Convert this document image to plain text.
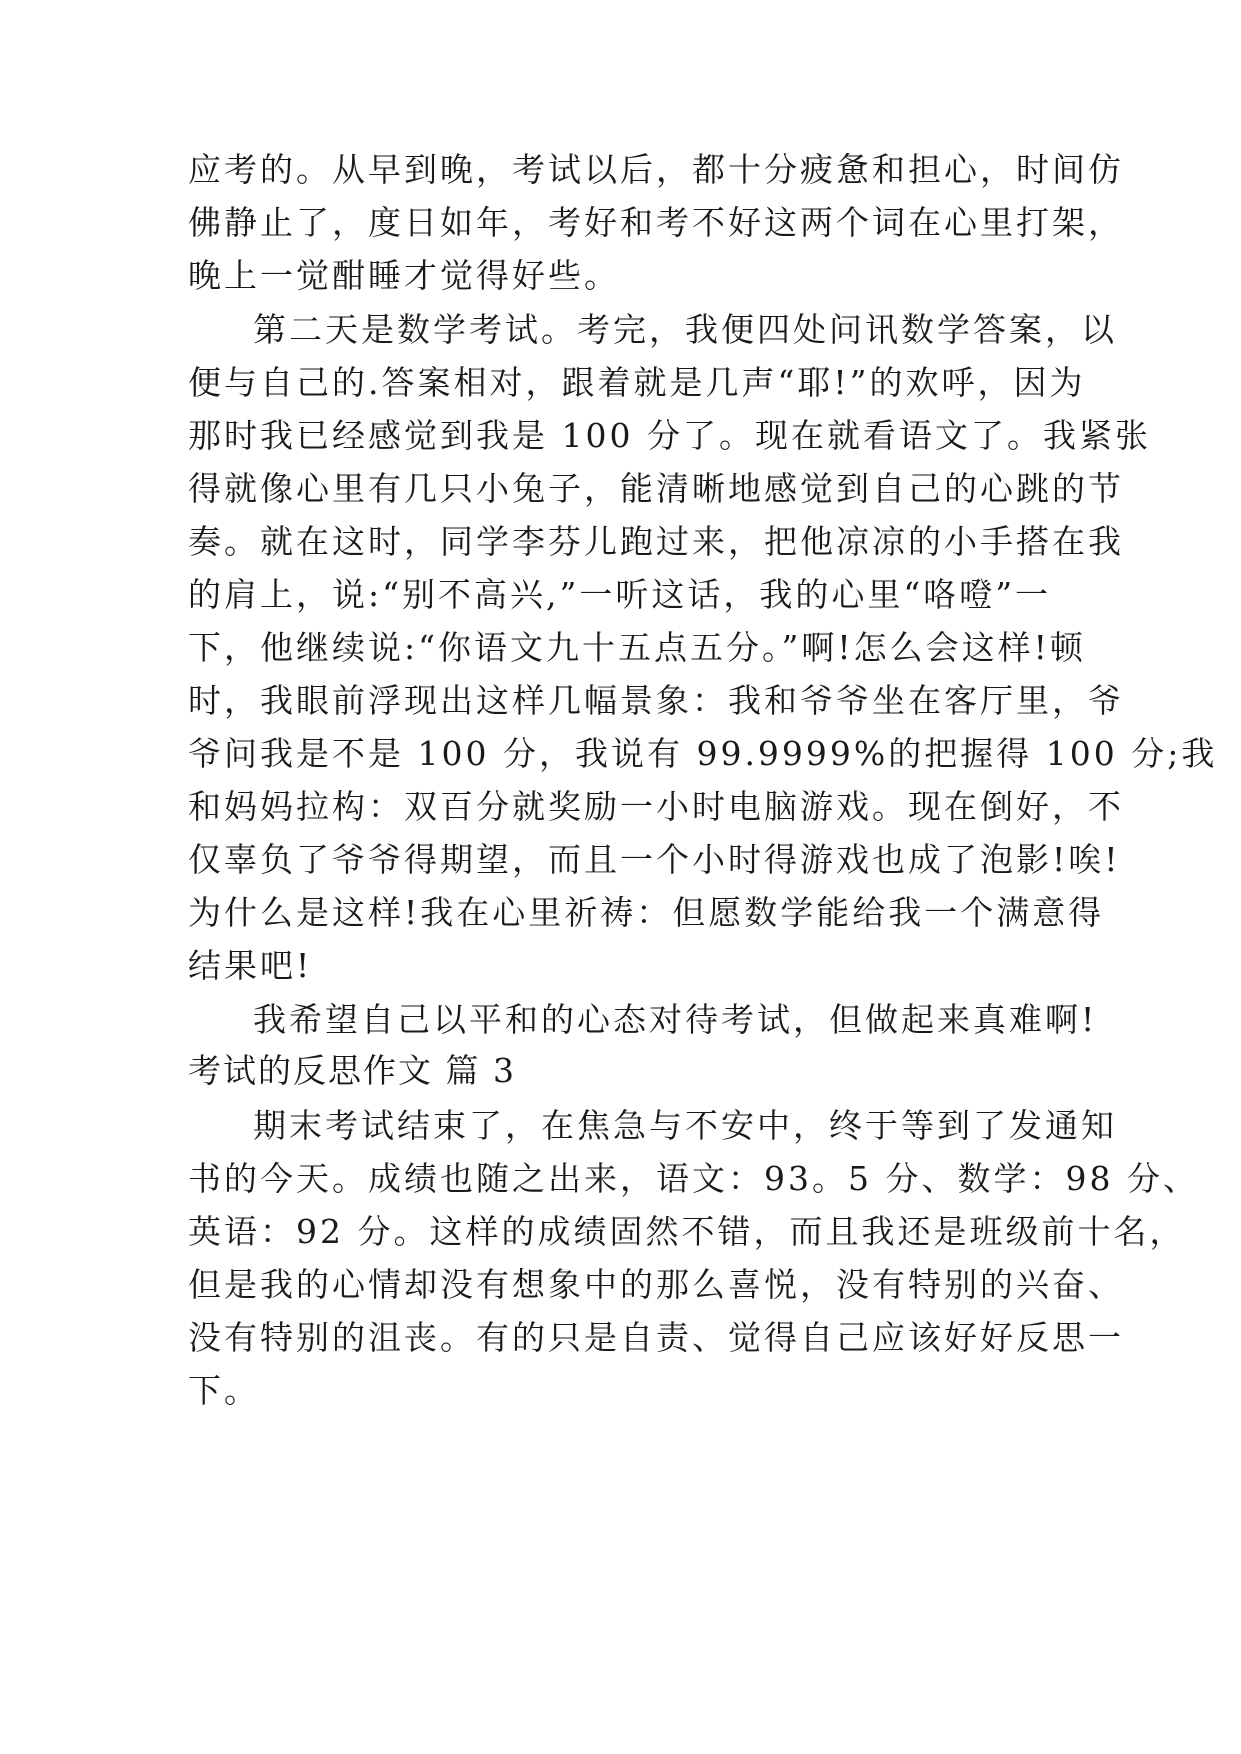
应考的。从早到晚，考试以后，都十分疲惫和担心，时间仿
佛静止了，度日如年，考好和考不好这两个词在心里打架，
晚上一觉酣睡才觉得好些。
第二天是数学考试。考完，我便四处问讯数学答案，以
便与自己的.答案相对，跟着就是几声“耶!”的欢呼，因为
那时我已经感觉到我是 100 分了。现在就看语文了。我紧张
得就像心里有几只小兔子，能清晰地感觉到自己的心跳的节
奏。就在这时，同学李芬儿跑过来，把他凉凉的小手搭在我
的肩上，说:“别不高兴,”一听这话，我的心里“咯噔”一
下，他继续说:“你语文九十五点五分。”啊!怎么会这样!顿
时，我眼前浮现出这样几幅景象：我和爷爷坐在客厅里，爷
爷问我是不是 100 分，我说有 99.9999%的把握得 100 分;我
和妈妈拉构：双百分就奖励一小时电脑游戏。现在倒好，不
仅辜负了爷爷得期望，而且一个小时得游戏也成了泡影!唉!
为什么是这样!我在心里祈祷：但愿数学能给我一个满意得
结果吧!
我希望自己以平和的心态对待考试，但做起来真难啊!
考试的反思作文 篇 3
期末考试结束了，在焦急与不安中，终于等到了发通知
书的今天。成绩也随之出来，语文：93。5 分、数学：98 分、
英语：92 分。这样的成绩固然不错，而且我还是班级前十名，
但是我的心情却没有想象中的那么喜悦，没有特别的兴奋、
没有特别的沮丧。有的只是自责、觉得自己应该好好反思一
下。
